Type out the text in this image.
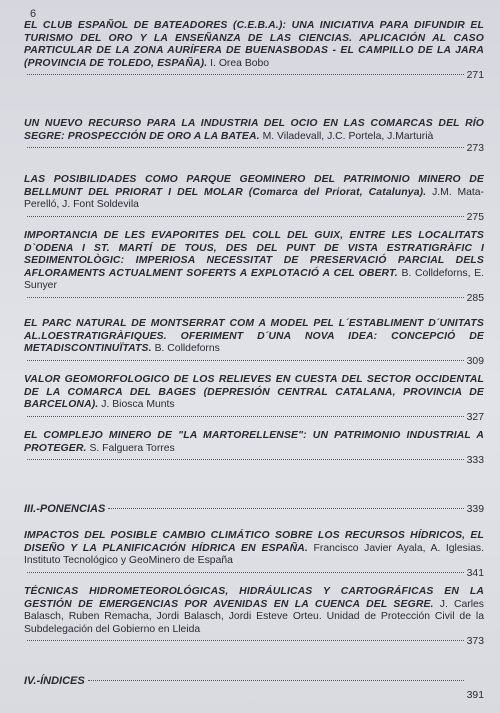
6

EL CLUB ESPAÑOL DE BATEADORES (C.E.B.A.): UNA INICIATIVA PARA DIFUNDIR EL TURISMO DEL ORO Y LA ENSEÑANZA DE LAS CIENCIAS. APLICACIÓN AL CASO PARTICULAR DE LA ZONA AURÍFERA DE BUENASBODAS - EL CAMPILLO DE LA JARA (PROVINCIA DE TOLEDO, ESPAÑA). I. Orea Bobo

271

UN NUEVO RECURSO PARA LA INDUSTRIA DEL OCIO EN LAS COMARCAS DEL RÍO SEGRE: PROSPECCIÓN DE ORO A LA BATEA. M. Viladevall, J.C. Portela, J.Marturià

273

LAS POSIBILIDADES COMO PARQUE GEOMINERO DEL PATRIMONIO MINERO DE BELLMUNT DEL PRIORAT I DEL MOLAR (Comarca del Priorat, Catalunya). J.M. Mata-Perelló, J. Font Soldevila

275

IMPORTANCIA DE LES EVAPORITES DEL COLL DEL GUIX, ENTRE LES LOCALITATS D`ODENA I ST. MARTÍ DE TOUS, DES DEL PUNT DE VISTA ESTRATIGRÀFIC I SEDIMENTOLÒGIC: IMPERIOSA NECESSITAT DE PRESERVACIÓ PARCIAL DELS AFLORAMENTS ACTUALMENT SOFERTS A EXPLOTACIÓ A CEL OBERT. B. Colldeforns, E. Sunyer

285

EL PARC NATURAL DE MONTSERRAT COM A MODEL PEL L´ESTABLIMENT D´UNITATS AL.LOESTRATIGRÀFIQUES. OFERIMENT D´UNA NOVA IDEA: CONCEPCIÓ DE METADISCONTINUÏTATS. B. Colldeforns

309

VALOR GEOMORFOLOGICO DE LOS RELIEVES EN CUESTA DEL SECTOR OCCIDENTAL DE LA COMARCA DEL BAGES (DEPRESIÓN CENTRAL CATALANA, PROVINCIA DE BARCELONA). J. Biosca Munts

327

EL COMPLEJO MINERO DE "LA MARTORELLENSE": UN PATRIMONIO INDUSTRIAL A PROTEGER. S. Falguera Torres

333
III.-PONENCIAS	339

IMPACTOS DEL POSIBLE CAMBIO CLIMÁTICO SOBRE LOS RECURSOS HÍDRICOS, EL DISEÑO Y LA PLANIFICACIÓN HÍDRICA EN ESPAÑA. Francisco Javier Ayala, A. Iglesias. Instituto Tecnológico y GeoMinero de España

341

TÉCNICAS HIDROMETEOROLÓGICAS, HIDRÁULICAS Y CARTOGRÁFICAS EN LA GESTIÓN DE EMERGENCIAS POR AVENIDAS EN LA CUENCA DEL SEGRE. J. Carles Balasch, Ruben Remacha, Jordi Balasch, Jordi Esteve Orteu. Unidad de Protección Civil de la Subdelegación del Gobierno en Lleida

373
IV.-ÍNDICES
391
